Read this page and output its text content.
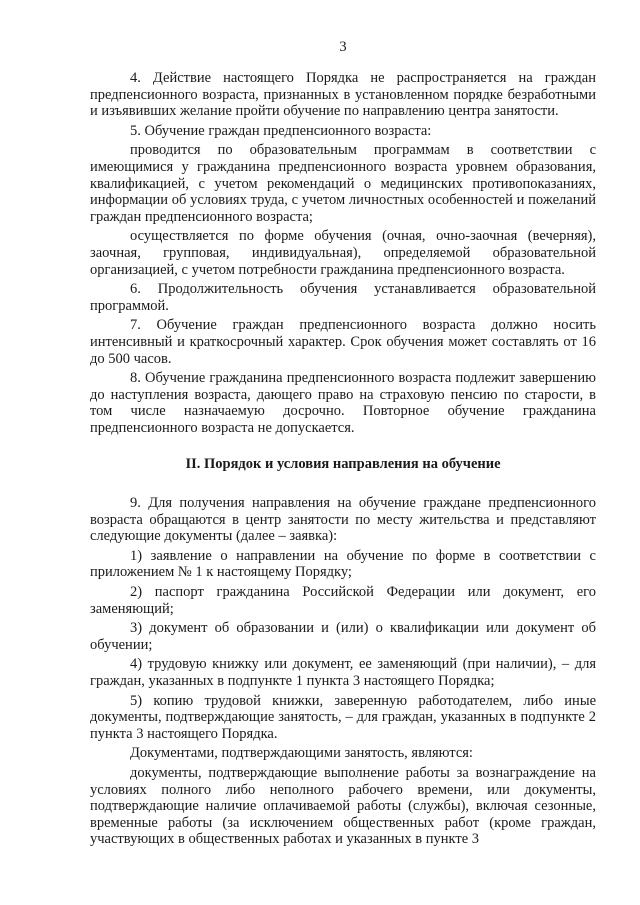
3

4. Действие настоящего Порядка не распространяется на граждан предпенсионного возраста, признанных в установленном порядке безработными и изъявивших желание пройти обучение по направлению центра занятости.

5. Обучение граждан предпенсионного возраста:

проводится по образовательным программам в соответствии с имеющимися у гражданина предпенсионного возраста уровнем образования, квалификацией, с учетом рекомендаций о медицинских противопоказаниях, информации об условиях труда, с учетом личностных особенностей и пожеланий граждан предпенсионного возраста;

осуществляется по форме обучения (очная, очно-заочная (вечерняя), заочная, групповая, индивидуальная), определяемой образовательной организацией, с учетом потребности гражданина предпенсионного возраста.

6. Продолжительность обучения устанавливается образовательной программой.

7. Обучение граждан предпенсионного возраста должно носить интенсивный и краткосрочный характер. Срок обучения может составлять от 16 до 500 часов.

8. Обучение гражданина предпенсионного возраста подлежит завершению до наступления возраста, дающего право на страховую пенсию по старости, в том числе назначаемую досрочно. Повторное обучение гражданина предпенсионного возраста не допускается.

II. Порядок и условия направления на обучение

9. Для получения направления на обучение граждане предпенсионного возраста обращаются в центр занятости по месту жительства и представляют следующие документы (далее – заявка):

1) заявление о направлении на обучение по форме в соответствии с приложением № 1 к настоящему Порядку;

2) паспорт гражданина Российской Федерации или документ, его заменяющий;

3) документ об образовании и (или) о квалификации или документ об обучении;

4) трудовую книжку или документ, ее заменяющий (при наличии), – для граждан, указанных в подпункте 1 пункта 3 настоящего Порядка;

5) копию трудовой книжки, заверенную работодателем, либо иные документы, подтверждающие занятость, – для граждан, указанных в подпункте 2 пункта 3 настоящего Порядка.

Документами, подтверждающими занятость, являются:

документы, подтверждающие выполнение работы за вознаграждение на условиях полного либо неполного рабочего времени, или документы, подтверждающие наличие оплачиваемой работы (службы), включая сезонные, временные работы (за исключением общественных работ (кроме граждан, участвующих в общественных работах и указанных в пункте 3
